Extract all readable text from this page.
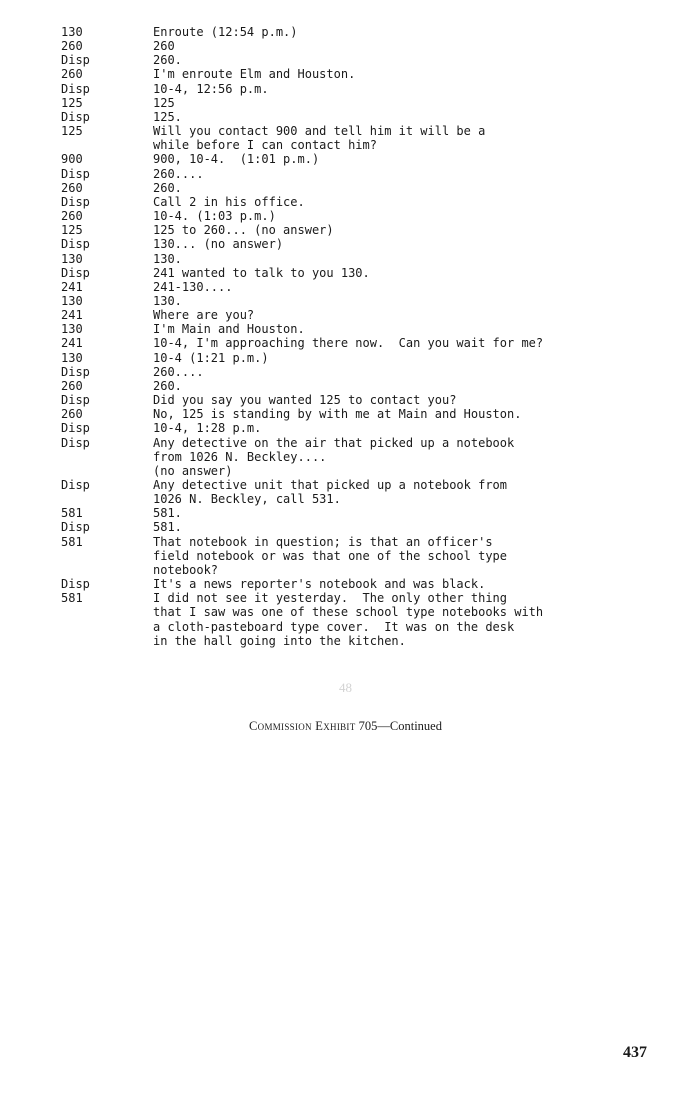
130	Enroute (12:54 p.m.)
260	260
Disp	260.
260	I'm enroute Elm and Houston.
Disp	10-4, 12:56 p.m.
125	125
Disp	125.
125	Will you contact 900 and tell him it will be a
while before I can contact him?
900	900, 10-4.  (1:01 p.m.)
Disp	260....
260	260.
Disp	Call 2 in his office.
260	10-4. (1:03 p.m.)
125	125 to 260... (no answer)
Disp	130... (no answer)
130	130.
Disp	241 wanted to talk to you 130.
241	241-130....
130	130.
241	Where are you?
130	I'm Main and Houston.
241	10-4, I'm approaching there now.  Can you wait for me?
130	10-4 (1:21 p.m.)
Disp	260....
260	260.
Disp	Did you say you wanted 125 to contact you?
260	No, 125 is standing by with me at Main and Houston.
Disp	10-4, 1:28 p.m.
Disp	Any detective on the air that picked up a notebook
from 1026 N. Beckley....
(no answer)
Disp	Any detective unit that picked up a notebook from
1026 N. Beckley, call 531.
581	581.
Disp	581.
581	That notebook in question; is that an officer's
field notebook or was that one of the school type
notebook?
Disp	It's a news reporter's notebook and was black.
581	I did not see it yesterday.  The only other thing
that I saw was one of these school type notebooks with
a cloth-pasteboard type cover.  It was on the desk
in the hall going into the kitchen.
48
Commission Exhibit 705—Continued
437
